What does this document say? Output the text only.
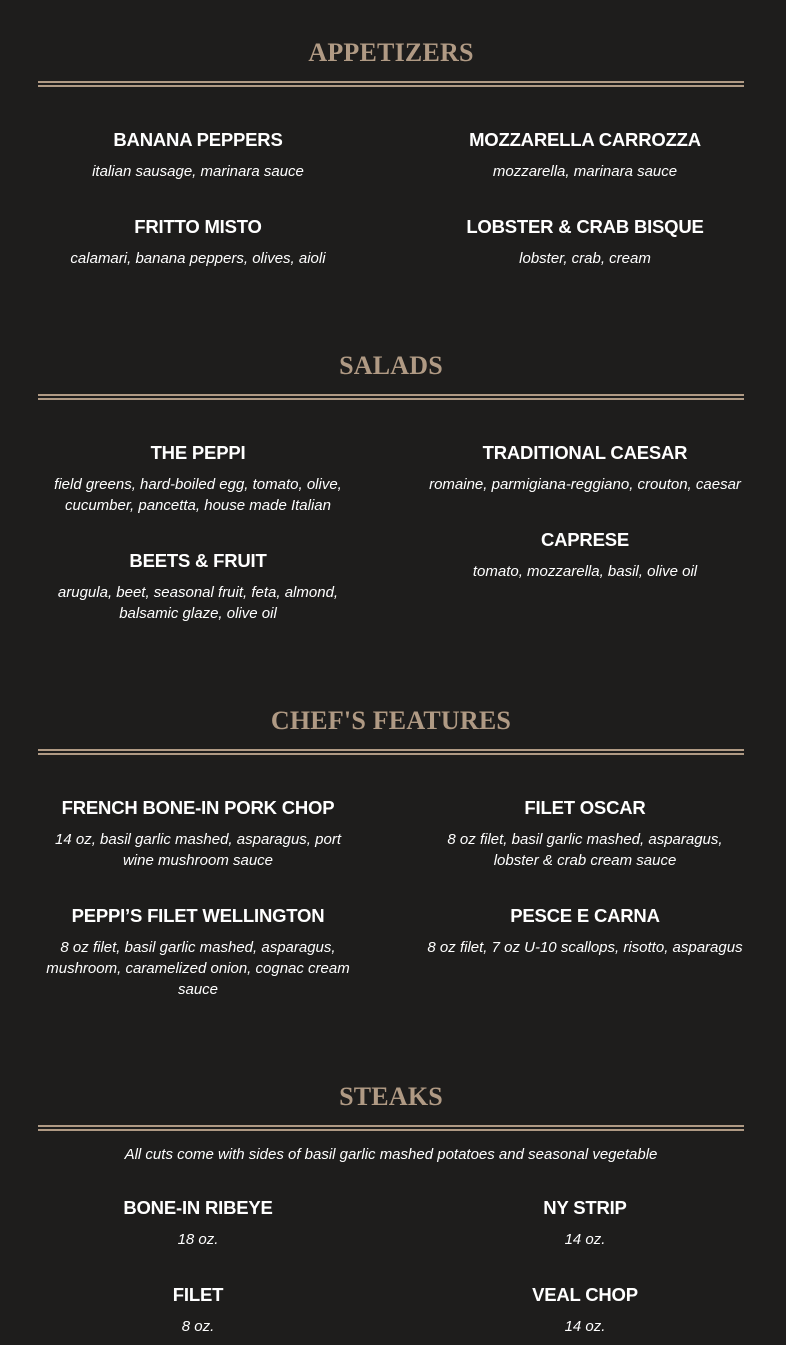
APPETIZERS
BANANA PEPPERS
italian sausage, marinara sauce
MOZZARELLA CARROZZA
mozzarella, marinara sauce
FRITTO MISTO
calamari, banana peppers, olives, aioli
LOBSTER & CRAB BISQUE
lobster, crab, cream
SALADS
THE PEPPI
field greens, hard-boiled egg, tomato, olive, cucumber, pancetta, house made Italian
TRADITIONAL CAESAR
romaine, parmigiana-reggiano, crouton, caesar
BEETS & FRUIT
arugula, beet, seasonal fruit, feta, almond, balsamic glaze, olive oil
CAPRESE
tomato, mozzarella, basil, olive oil
CHEF'S FEATURES
FRENCH BONE-IN PORK CHOP
14 oz, basil garlic mashed, asparagus, port wine mushroom sauce
FILET OSCAR
8 oz filet, basil garlic mashed, asparagus, lobster & crab cream sauce
PEPPI’S FILET WELLINGTON
8 oz filet, basil garlic mashed, asparagus, mushroom, caramelized onion, cognac cream sauce
PESCE E CARNA
8 oz filet, 7 oz U-10 scallops, risotto, asparagus
STEAKS
All cuts come with sides of basil garlic mashed potatoes and seasonal vegetable
BONE-IN RIBEYE
18 oz.
NY STRIP
14 oz.
FILET
8 oz.
VEAL CHOP
14 oz.
